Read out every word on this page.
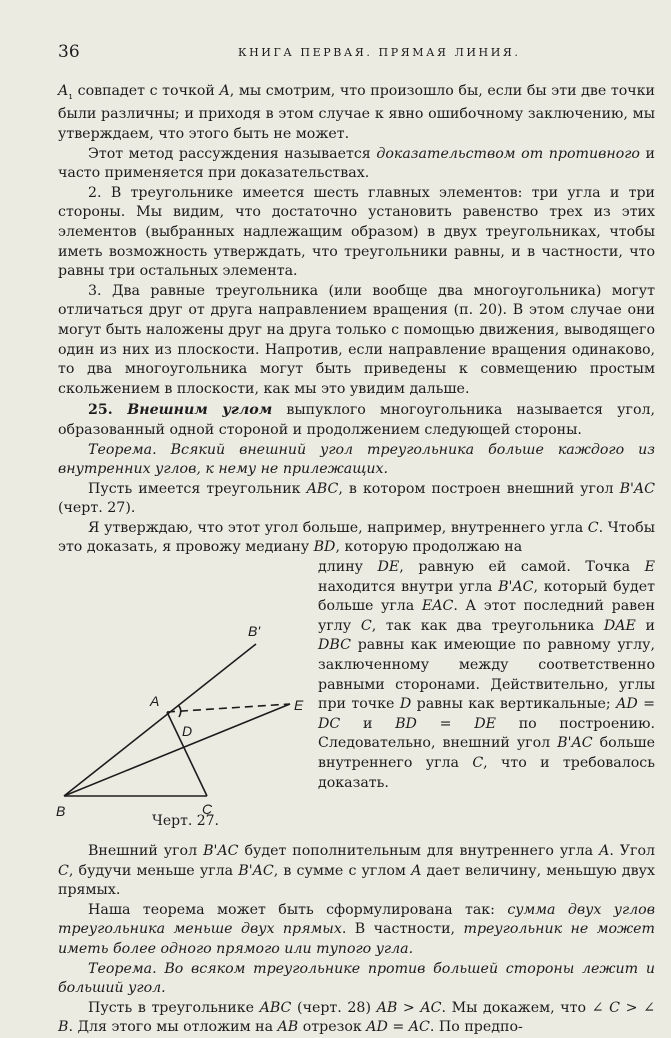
36	КНИГА ПЕРВАЯ. ПРЯМАЯ ЛИНИЯ.

$A_{_1}$ совпадет с точкой A, мы смотрим, что произошло бы, если бы эти две точки были различны; и приходя в этом случае к явно ошибочному заключению, мы утверждаем, что этого быть не может.

Этот метод рассуждения называется доказательством от противного и часто применяется при доказательствах.

2. В треугольнике имеется шесть главных элементов: три угла и три стороны. Мы видим, что достаточно установить равенство трех из этих элементов (выбранных надлежащим образом) в двух треугольниках, чтобы иметь возможность утверждать, что треугольники равны, и в частности, что равны три остальных элемента.

3. Два равные треугольника (или вообще два многоугольника) могут отличаться друг от друга направлением вращения (п. 20). В этом случае они могут быть наложены друг на друга только с помощью движения, выводящего один из них из плоскости. Напротив, если направление вращения одинаково, то два многоугольника могут быть приведены к совмещению простым скольжением в плоскости, как мы это увидим дальше.

25. Внешним углом выпуклого многоугольника называется угол, образованный одной стороной и продолжением следующей стороны.

Теорема. Всякий внешний угол треугольника больше каждого из внутренних углов, к нему не прилежащих.

Пусть имеется треугольник ABC, в котором построен внешний угол B'AC (черт. 27).

Я утверждаю, что этот угол больше, например, внутреннего угла C. Чтобы это доказать, я провожу медиану BD, которую продолжаю на

B'
A	E
D
B	C
Черт. 27.

длину DE, равную ей самой. Точка E находится внутри угла B'AC, который будет больше угла EAC. А этот последний равен углу C, так как два треугольника DAE и DBC равны как имеющие по равному углу, заключенному между соответственно равными сторонами. Действительно, углы при точке D равны как вертикальные; AD = DC и BD = DE по построению. Следовательно, внешний угол B'AC больше внутреннего угла C, что и требовалось доказать.

Внешний угол B'AC будет пополнительным для внутреннего угла A. Угол C, будучи меньше угла B'AC, в сумме с углом A дает величину, меньшую двух прямых.

Наша теорема может быть сформулирована так: сумма двух углов треугольника меньше двух прямых. В частности, треугольник не может иметь более одного прямого или тупого угла.

Теорема. Во всяком треугольнике против большей стороны лежит и больший угол.

Пусть в треугольнике ABC (черт. 28) AB > AC. Мы докажем, что ∠ C > ∠ B. Для этого мы отложим на AB отрезок AD = AC. По предпо-
